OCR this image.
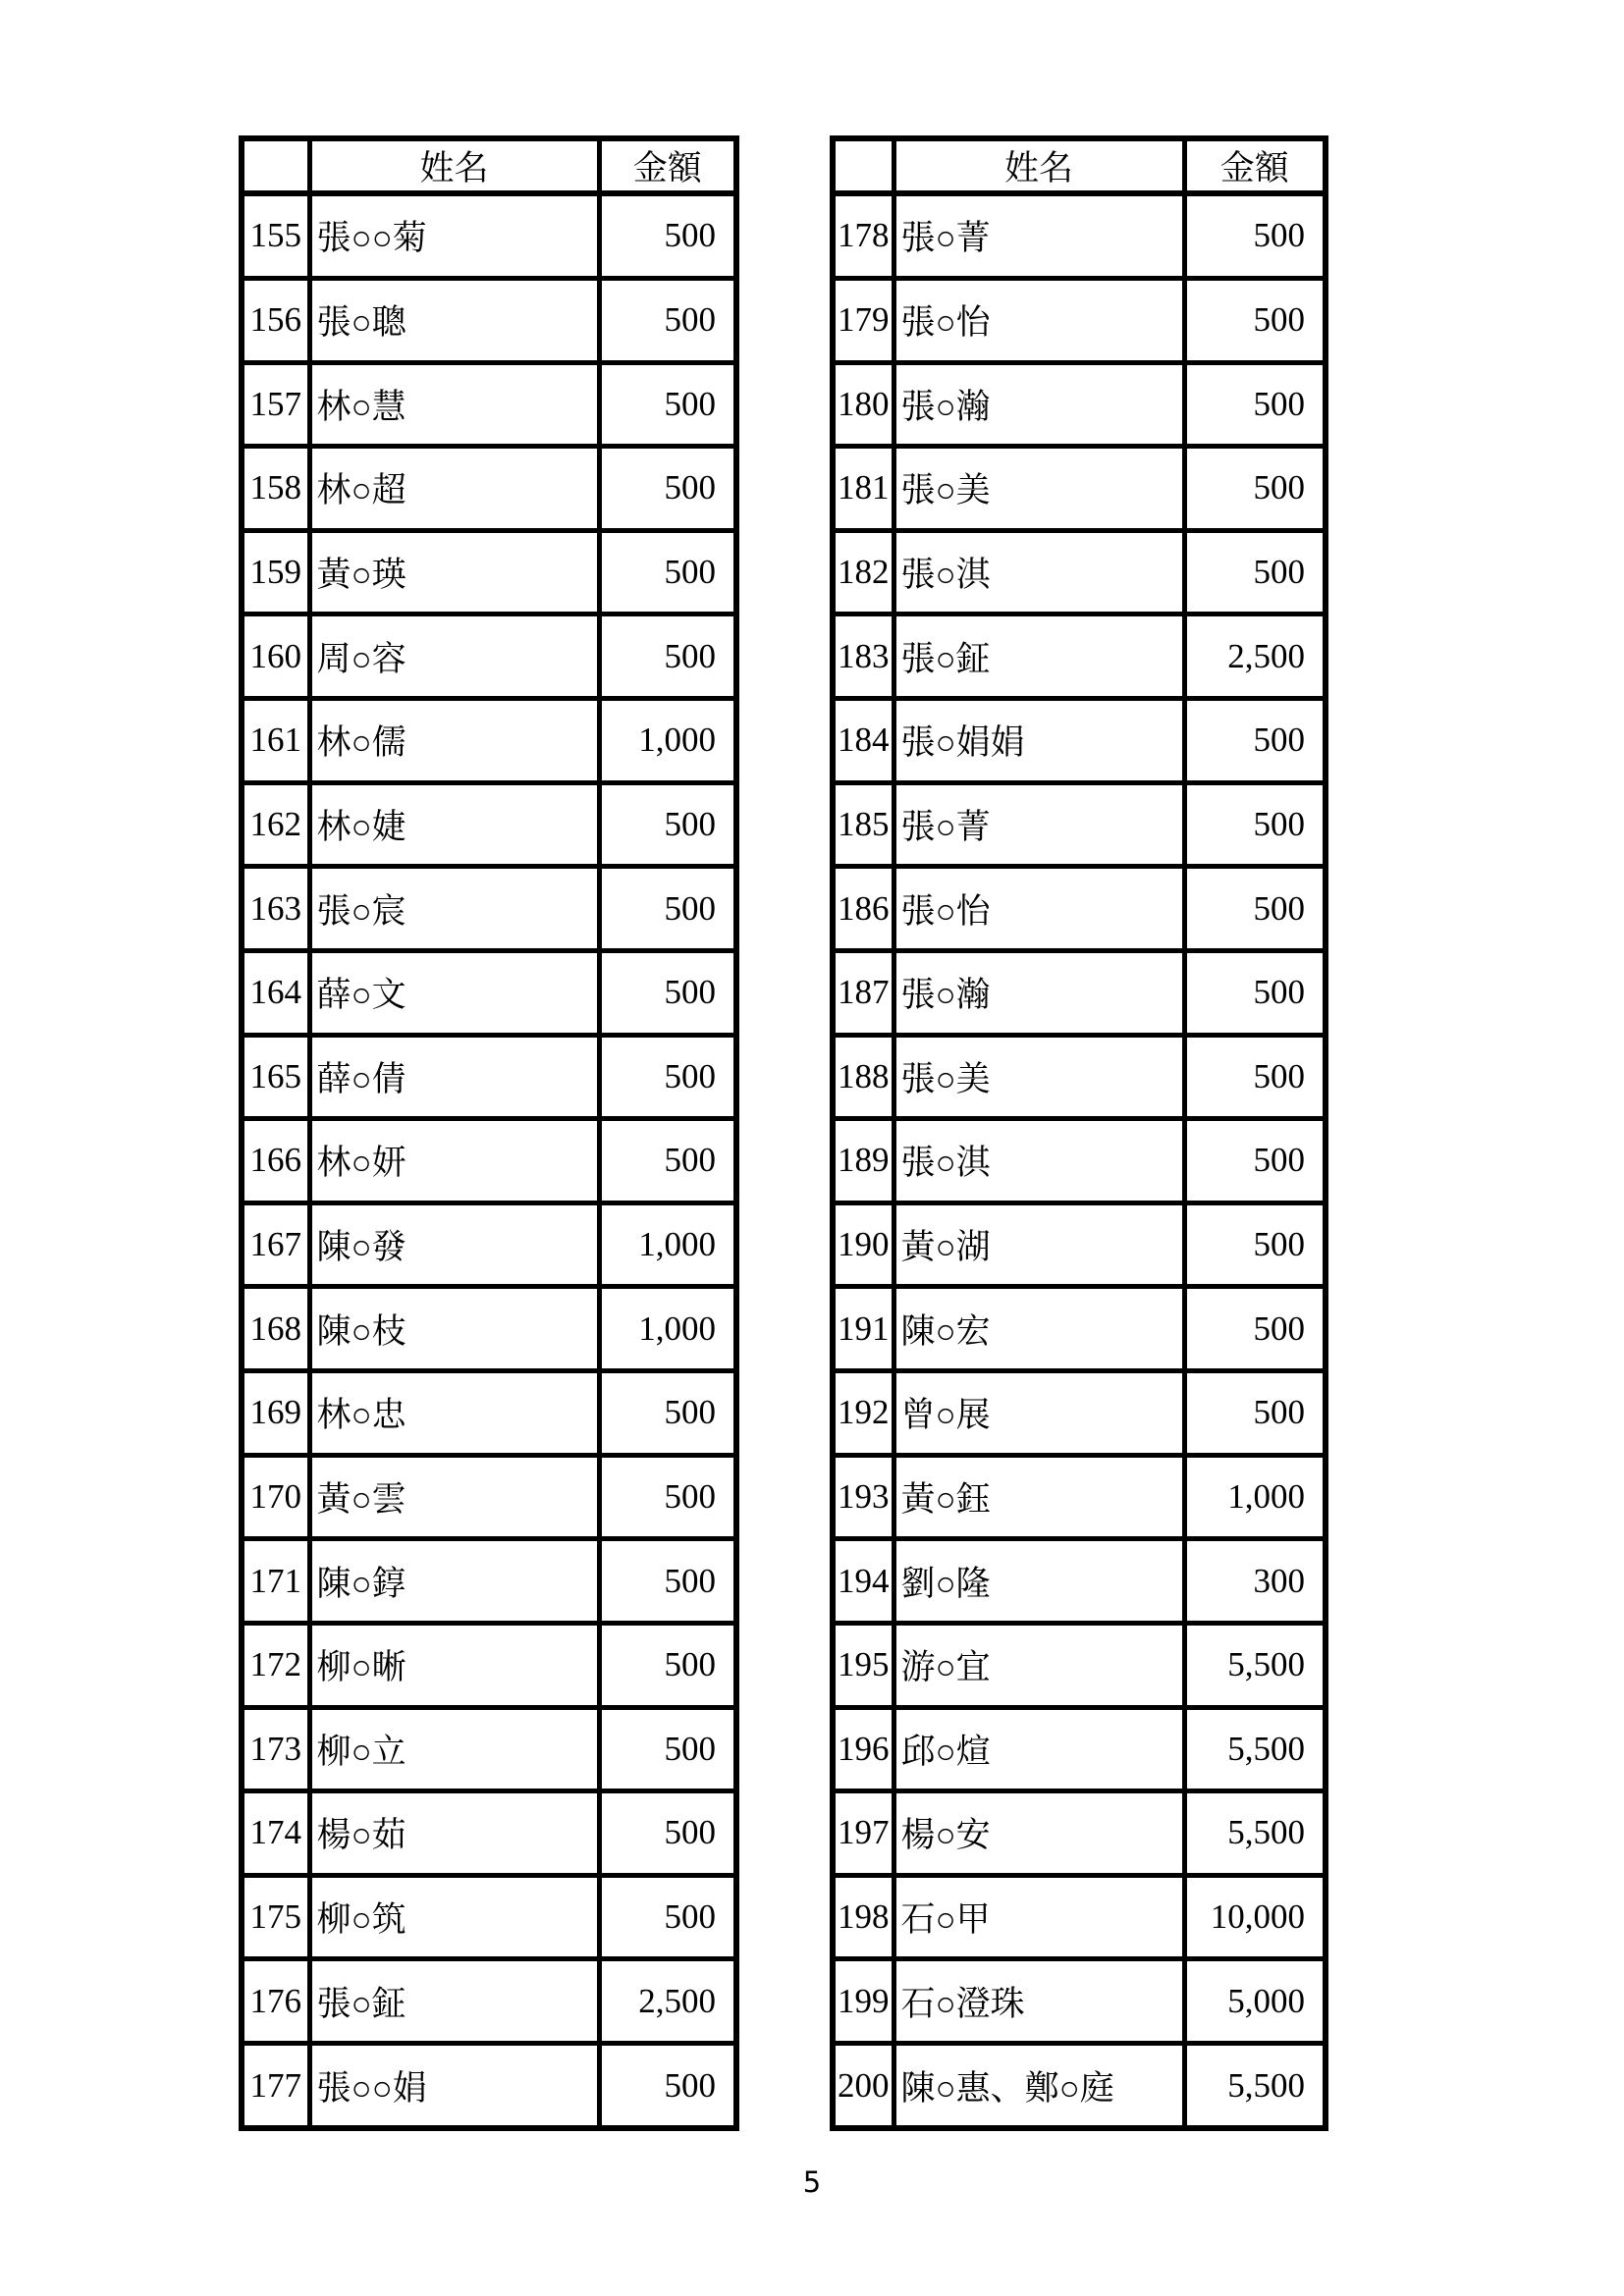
	姓名	金額
155	張○○菊	500
156	張○聰	500
157	林○慧	500
158	林○超	500
159	黃○瑛	500
160	周○容	500
161	林○儒	1,000
162	林○婕	500
163	張○宸	500
164	薛○文	500
165	薛○倩	500
166	林○妍	500
167	陳○發	1,000
168	陳○枝	1,000
169	林○忠	500
170	黃○雲	500
171	陳○錞	500
172	柳○晰	500
173	柳○立	500
174	楊○茹	500
175	柳○筑	500
176	張○鉦	2,500
177	張○○娟	500
	姓名	金額
178	張○菁	500
179	張○怡	500
180	張○瀚	500
181	張○美	500
182	張○淇	500
183	張○鉦	2,500
184	張○娟娟	500
185	張○菁	500
186	張○怡	500
187	張○瀚	500
188	張○美	500
189	張○淇	500
190	黃○湖	500
191	陳○宏	500
192	曾○展	500
193	黃○鈺	1,000
194	劉○隆	300
195	游○宜	5,500
196	邱○煊	5,500
197	楊○安	5,500
198	石○甲	10,000
199	石○澄珠	5,000
200	陳○惠、鄭○庭	5,500
5
